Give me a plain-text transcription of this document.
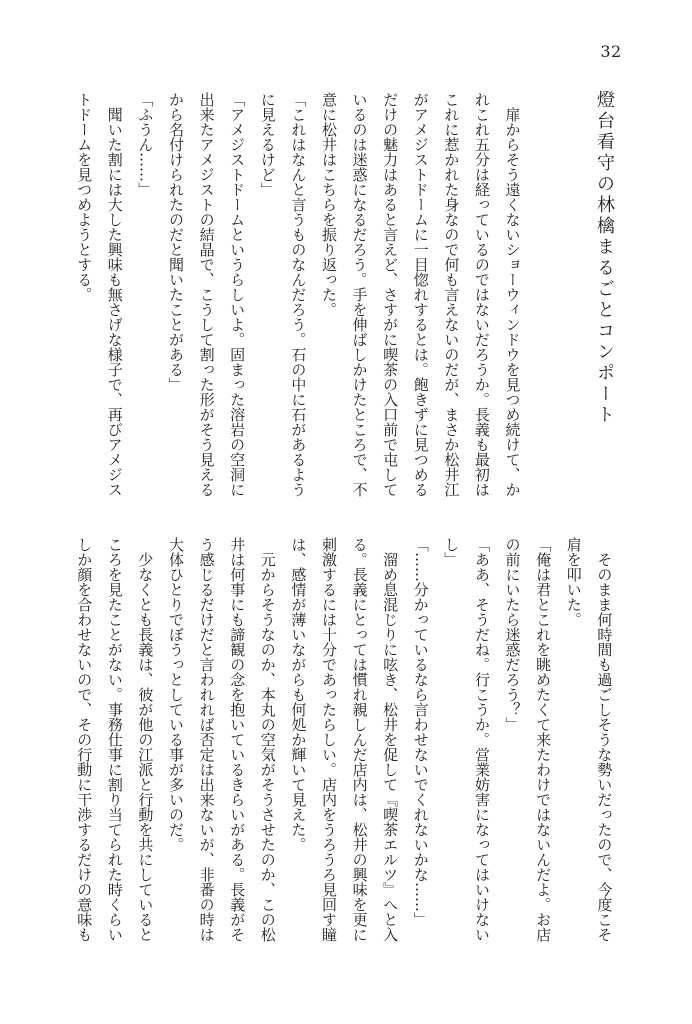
32
燈台看守の林檎まるごとコンポート
扉からそう遠くないショーウィンドウを見つめ続けて、か
れこれ五分は経っているのではないだろうか。長義も最初は
これに惹かれた身なので何も言えないのだが、まさか松井江
がアメジストドームに一目惚れするとは。飽きずに見つめる
だけの魅力はあると言えど、さすがに喫茶の入口前で屯して
いるのは迷惑になるだろう。手を伸ばしかけたところで、不
意に松井はこちらを振り返った。
「これはなんと言うものなんだろう。石の中に石があるよう
に見えるけど」
「アメジストドームというらしいよ。固まった溶岩の空洞に
出来たアメジストの結晶で、こうして割った形がそう見える
から名付けられたのだと聞いたことがある」
「ふうん……」
聞いた割には大した興味も無さげな様子で、再びアメジス
トドームを見つめようとする。
そのまま何時間も過ごしそうな勢いだったので、今度こそ
肩を叩いた。
「俺は君とこれを眺めたくて来たわけではないんだよ。お店
の前にいたら迷惑だろう？」
「ああ、そうだね。行こうか。営業妨害になってはいけない
し」
「……分かっているなら言わせないでくれないかな……」
溜め息混じりに呟き、松井を促して『喫茶エルツ』へと入
る。長義にとっては慣れ親しんだ店内は、松井の興味を更に
刺激するには十分であったらしい。店内をうろうろ見回す瞳
は、感情が薄いながらも何処か輝いて見えた。
元からそうなのか、本丸の空気がそうさせたのか、この松
井は何事にも諦観の念を抱いているきらいがある。長義がそ
う感じるだけだと言われれば否定は出来ないが、非番の時は
大体ひとりでぼうっとしている事が多いのだ。
少なくとも長義は、彼が他の江派と行動を共にしていると
ころを見たことがない。事務仕事に割り当てられた時くらい
しか顔を合わせないので、その行動に干渉するだけの意味も
